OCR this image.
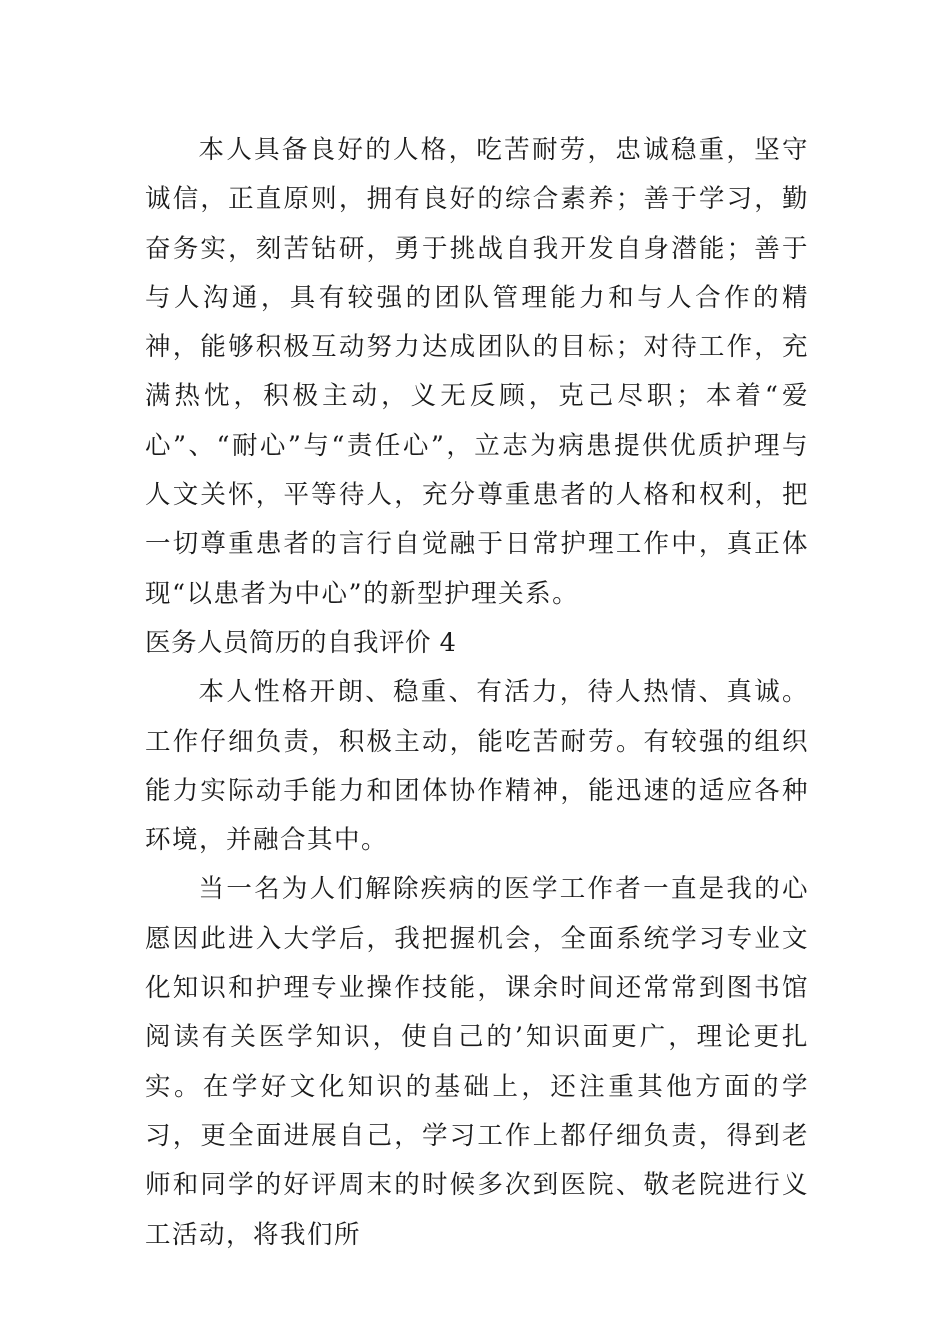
本人具备良好的人格，吃苦耐劳，忠诚稳重，坚守诚信，正直原则，拥有良好的综合素养；善于学习，勤奋务实，刻苦钻研，勇于挑战自我开发自身潜能；善于与人沟通，具有较强的团队管理能力和与人合作的精神，能够积极互动努力达成团队的目标；对待工作，充满热忱，积极主动，义无反顾，克己尽职；本着“爱心”、“耐心”与“责任心”，立志为病患提供优质护理与人文关怀，平等待人，充分尊重患者的人格和权利，把一切尊重患者的言行自觉融于日常护理工作中，真正体现“以患者为中心”的新型护理关系。

医务人员简历的自我评价 4

本人性格开朗、稳重、有活力，待人热情、真诚。工作仔细负责，积极主动，能吃苦耐劳。有较强的组织能力实际动手能力和团体协作精神，能迅速的适应各种环境，并融合其中。

当一名为人们解除疾病的医学工作者一直是我的心愿因此进入大学后，我把握机会，全面系统学习专业文化知识和护理专业操作技能，课余时间还常常到图书馆阅读有关医学知识，使自己的’知识面更广，理论更扎实。在学好文化知识的基础上，还注重其他方面的学习，更全面进展自己，学习工作上都仔细负责，得到老师和同学的好评周末的时候多次到医院、敬老院进行义工活动，将我们所
